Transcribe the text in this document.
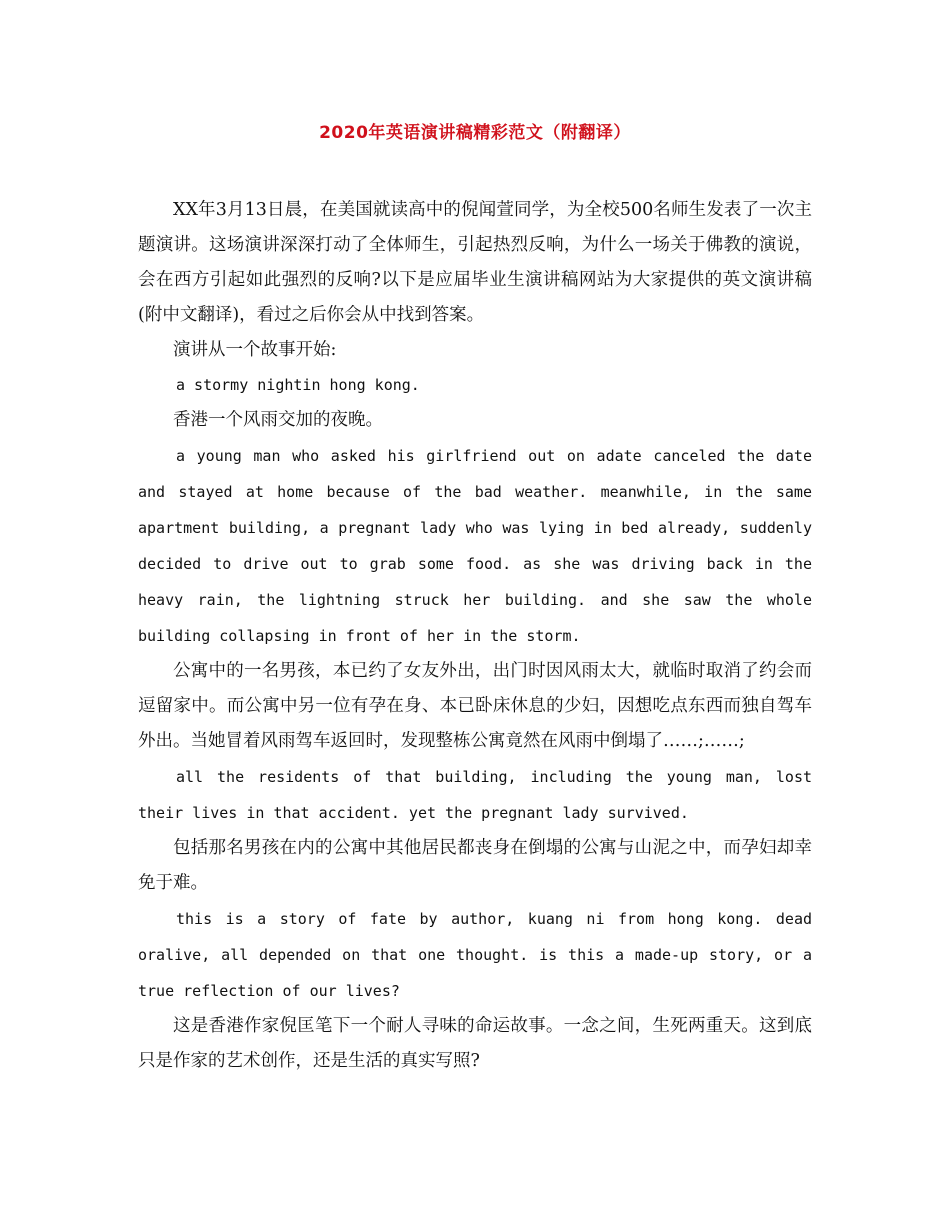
2020年英语演讲稿精彩范文（附翻译）

XX年3月13日晨，在美国就读高中的倪闻萱同学，为全校500名师生发表了一次主题演讲。这场演讲深深打动了全体师生，引起热烈反响，为什么一场关于佛教的演说，会在西方引起如此强烈的反响?以下是应届毕业生演讲稿网站为大家提供的英文演讲稿(附中文翻译)，看过之后你会从中找到答案。

演讲从一个故事开始:

a stormy nightin hong kong.

香港一个风雨交加的夜晚。

a young man who asked his girlfriend out on adate canceled the date and stayed at home because of the bad weather. meanwhile, in the same apartment building, a pregnant lady who was lying in bed already, suddenly decided to drive out to grab some food. as she was driving back in the heavy rain, the lightning struck her building. and she saw the whole building collapsing in front of her in the storm.

公寓中的一名男孩，本已约了女友外出，出门时因风雨太大，就临时取消了约会而逗留家中。而公寓中另一位有孕在身、本已卧床休息的少妇，因想吃点东西而独自驾车外出。当她冒着风雨驾车返回时，发现整栋公寓竟然在风雨中倒塌了……;……;

all the residents of that building, including the young man, lost their lives in that accident. yet the pregnant lady survived.

包括那名男孩在内的公寓中其他居民都丧身在倒塌的公寓与山泥之中，而孕妇却幸免于难。

this is a story of fate by author, kuang ni from hong kong. dead oralive, all depended on that one thought. is this a made-up story, or a true reflection of our lives?

这是香港作家倪匡笔下一个耐人寻味的命运故事。一念之间，生死两重天。这到底只是作家的艺术创作，还是生活的真实写照?
